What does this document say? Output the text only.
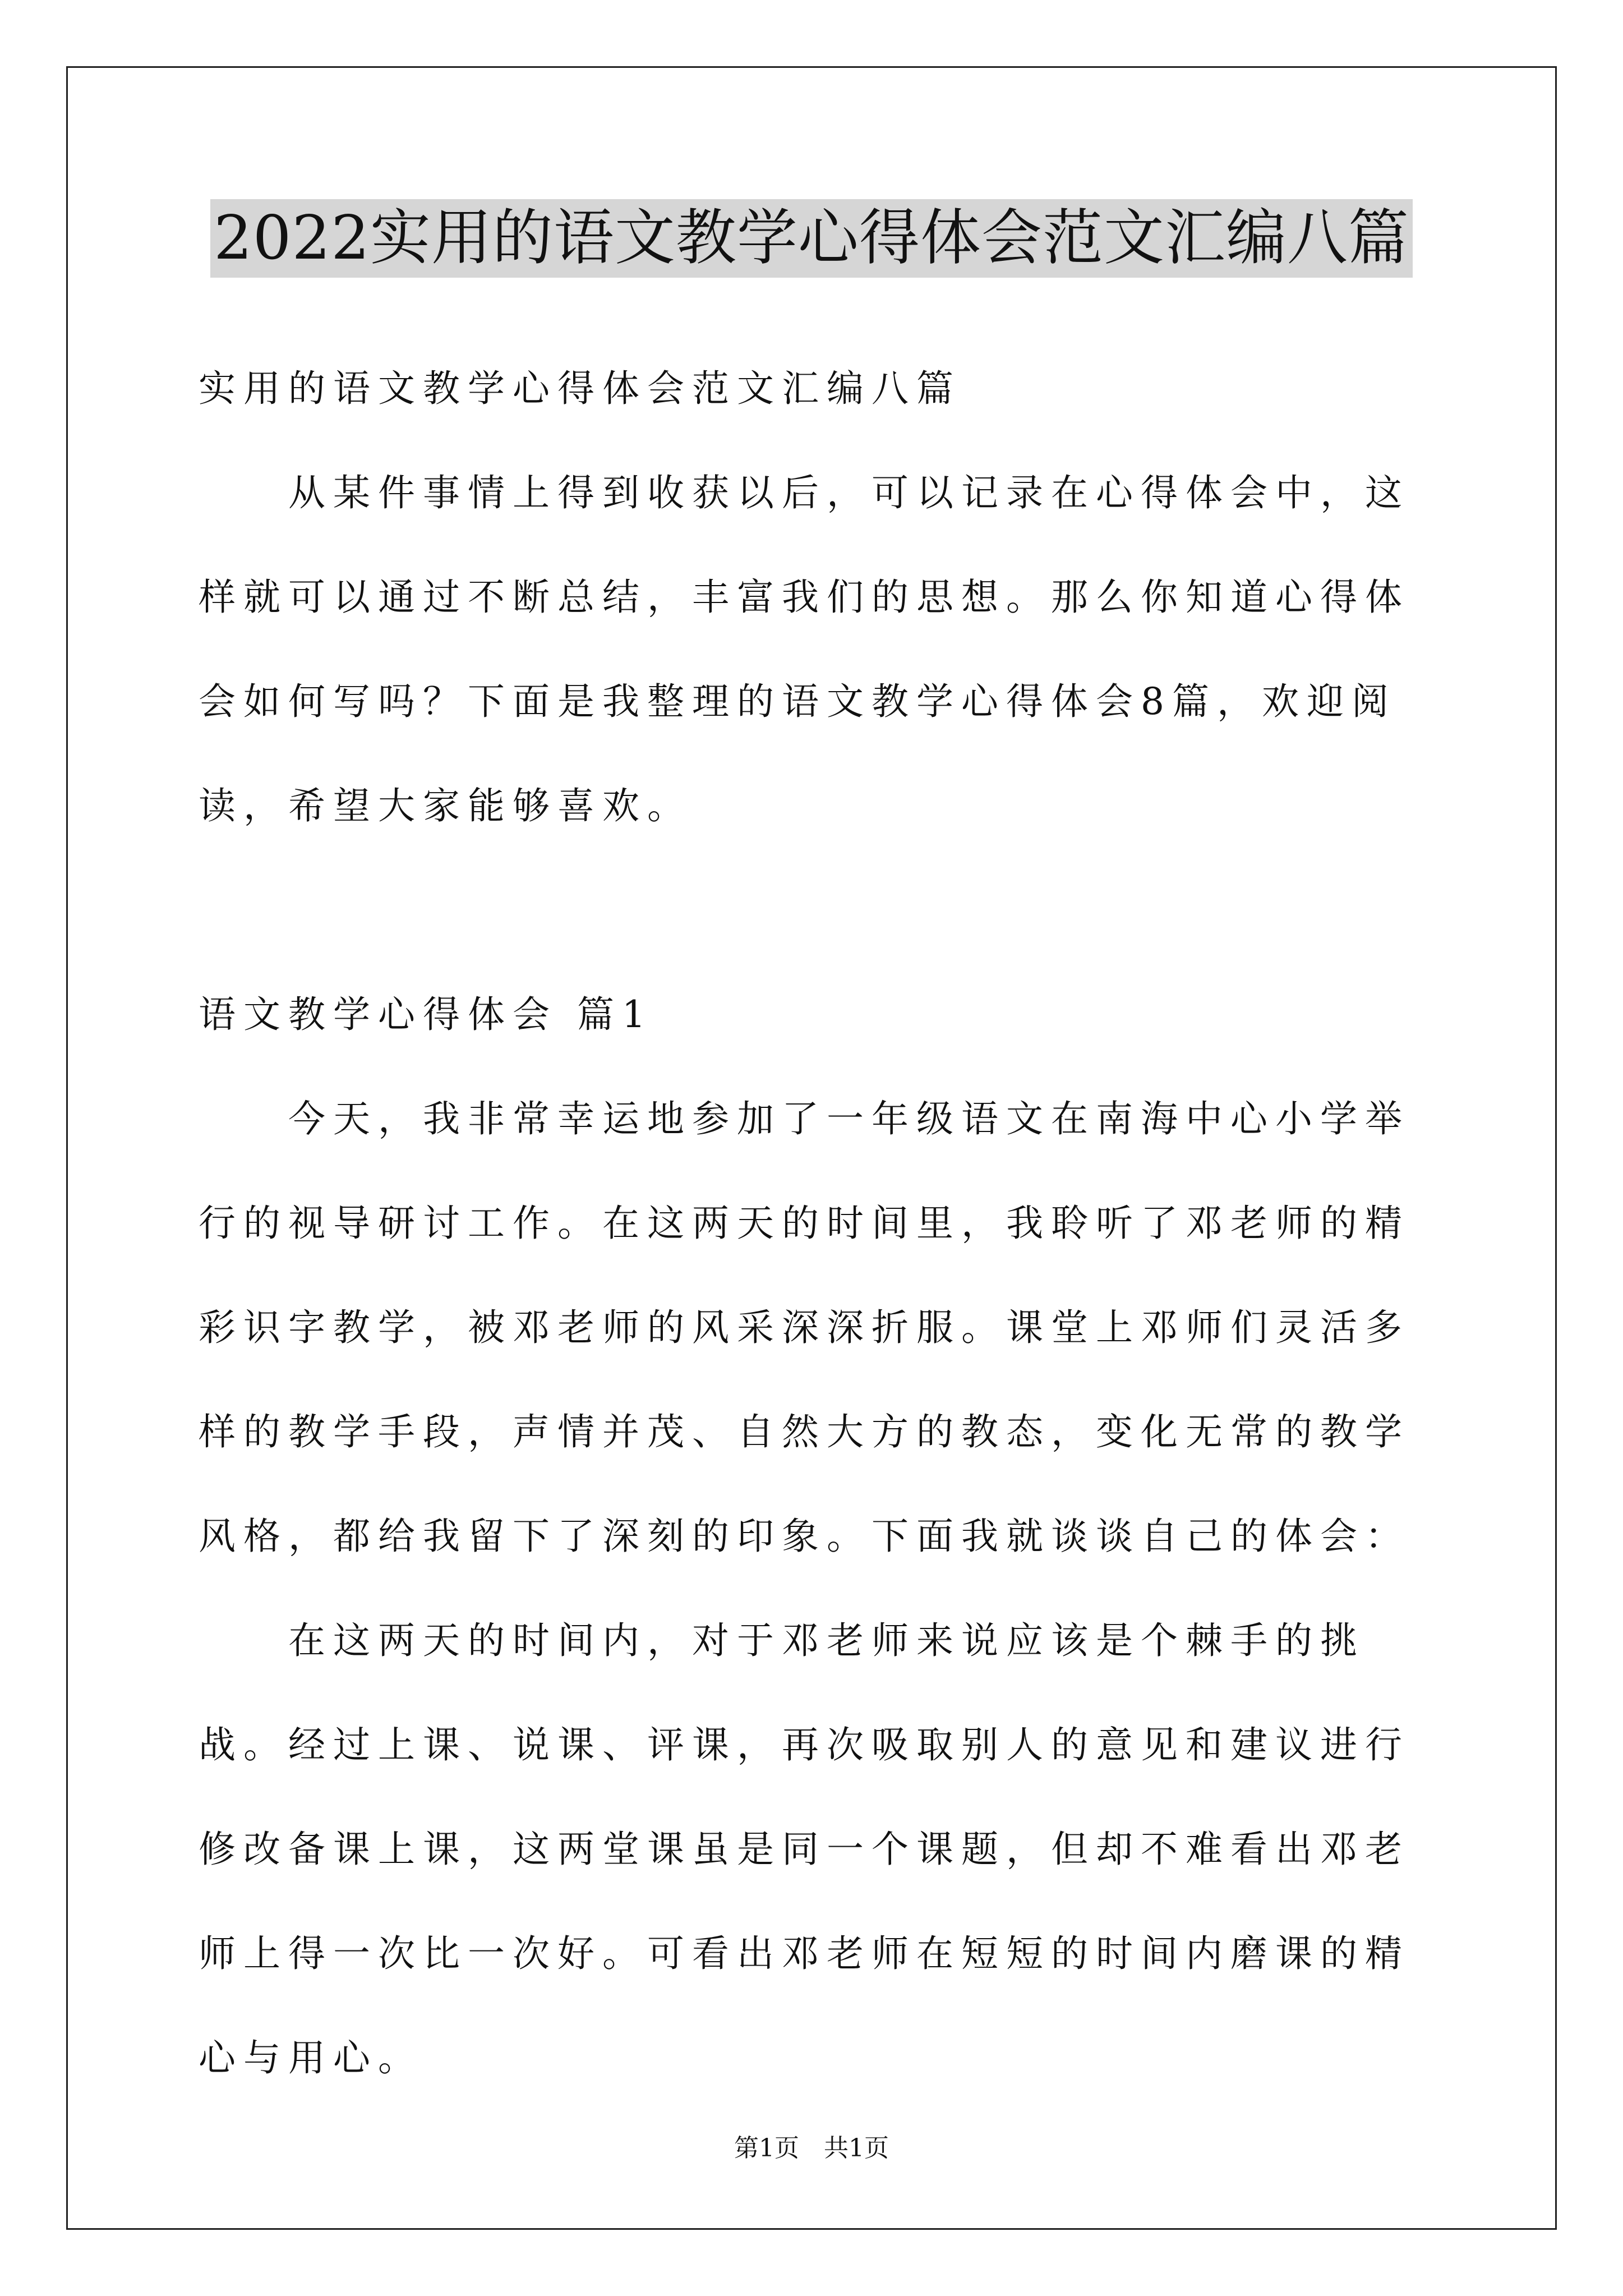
2022实用的语文教学心得体会范文汇编八篇

实用的语文教学心得体会范文汇编八篇

从某件事情上得到收获以后，可以记录在心得体会中，这样就可以通过不断总结，丰富我们的思想。那么你知道心得体会如何写吗？下面是我整理的语文教学心得体会8篇，欢迎阅读，希望大家能够喜欢。

语文教学心得体会 篇1

今天，我非常幸运地参加了一年级语文在南海中心小学举行的视导研讨工作。在这两天的时间里，我聆听了邓老师的精彩识字教学，被邓老师的风采深深折服。课堂上邓师们灵活多样的教学手段，声情并茂、自然大方的教态，变化无常的教学风格，都给我留下了深刻的印象。下面我就谈谈自己的体会：

在这两天的时间内，对于邓老师来说应该是个棘手的挑战。经过上课、说课、评课，再次吸取别人的意见和建议进行修改备课上课，这两堂课虽是同一个课题，但却不难看出邓老师上得一次比一次好。可看出邓老师在短短的时间内磨课的精心与用心。

第1页 共1页
